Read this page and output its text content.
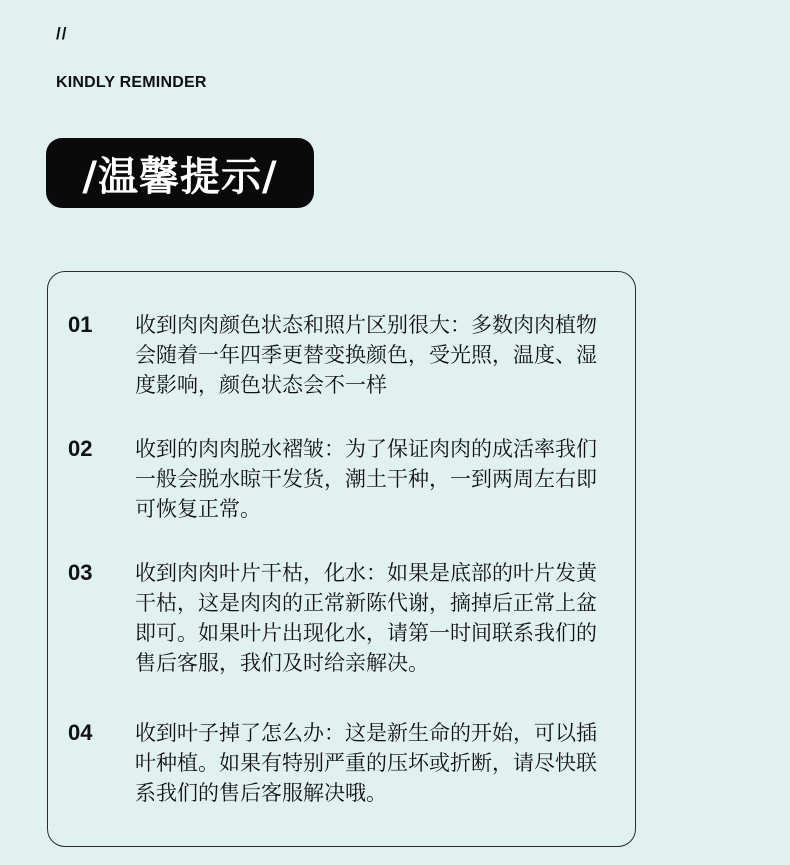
//
KINDLY REMINDER
/温馨提示/
01 收到肉肉颜色状态和照片区别很大：多数肉肉植物会随着一年四季更替变换颜色，受光照，温度、湿度影响，颜色状态会不一样
02 收到的肉肉脱水褶皱：为了保证肉肉的成活率我们一般会脱水晾干发货，潮土干种，一到两周左右即可恢复正常。
03 收到肉肉叶片干枯，化水：如果是底部的叶片发黄干枯，这是肉肉的正常新陈代谢，摘掉后正常上盆即可。如果叶片出现化水，请第一时间联系我们的售后客服，我们及时给亲解决。
04 收到叶子掉了怎么办：这是新生命的开始，可以插叶种植。如果有特别严重的压坏或折断，请尽快联系我们的售后客服解决哦。
